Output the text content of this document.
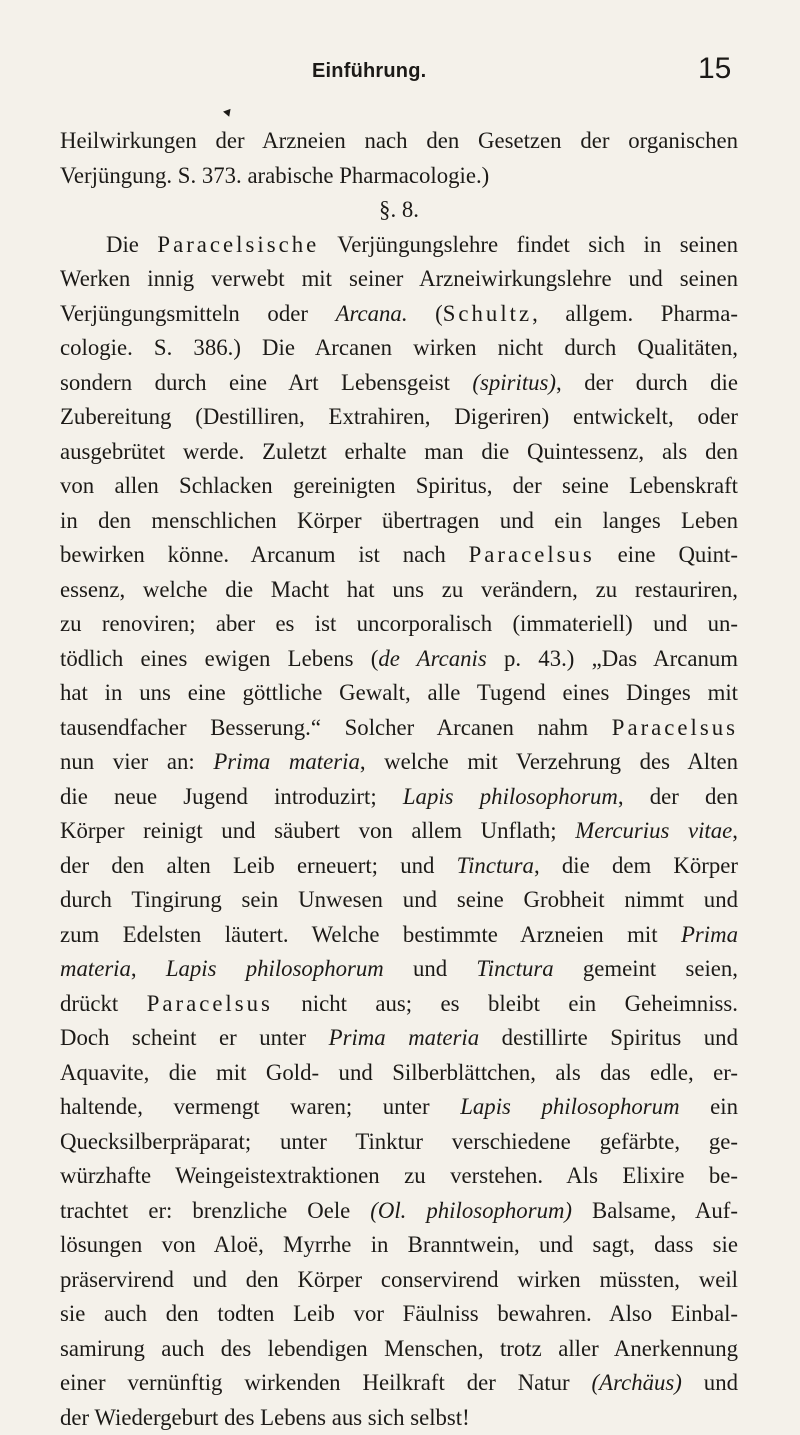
Einführung.	15
Heilwirkungen der Arzneien nach den Gesetzen der organischen
Verjüngung. S. 373. arabische Pharmacologie.)
§. 8.
Die Paracelsische Verjüngungslehre findet sich in seinen
Werken innig verwebt mit seiner Arzneiwirkungslehre und seinen
Verjüngungsmitteln oder Arcana. (Schultz, allgem. Pharma-
cologie. S. 386.) Die Arcanen wirken nicht durch Qualitäten,
sondern durch eine Art Lebensgeist (spiritus), der durch die
Zubereitung (Destilliren, Extrahiren, Digeriren) entwickelt, oder
ausgebrütet werde. Zuletzt erhalte man die Quintessenz, als den
von allen Schlacken gereinigten Spiritus, der seine Lebenskraft
in den menschlichen Körper übertragen und ein langes Leben
bewirken könne. Arcanum ist nach Paracelsus eine Quint-
essenz, welche die Macht hat uns zu verändern, zu restauriren,
zu renoviren; aber es ist uncorporalisch (immateriell) und un-
tödlich eines ewigen Lebens (de Arcanis p. 43.) „Das Arcanum
hat in uns eine göttliche Gewalt, alle Tugend eines Dinges mit
tausendfacher Besserung.“ Solcher Arcanen nahm Paracelsus
nun vier an: Prima materia, welche mit Verzehrung des Alten
die neue Jugend introduzirt; Lapis philosophorum, der den
Körper reinigt und säubert von allem Unflath; Mercurius vitae,
der den alten Leib erneuert; und Tinctura, die dem Körper
durch Tingirung sein Unwesen und seine Grobheit nimmt und
zum Edelsten läutert. Welche bestimmte Arzneien mit Prima
materia, Lapis philosophorum und Tinctura gemeint seien,
drückt Paracelsus nicht aus; es bleibt ein Geheimniss.
Doch scheint er unter Prima materia destillirte Spiritus und
Aquavite, die mit Gold- und Silberblättchen, als das edle, er-
haltende, vermengt waren; unter Lapis philosophorum ein
Quecksilberpräparat; unter Tinktur verschiedene gefärbte, ge-
würzhafte Weingeistextraktionen zu verstehen. Als Elixire be-
trachtet er: brenzliche Oele (Ol. philosophorum) Balsame, Auf-
lösungen von Aloë, Myrrhe in Branntwein, und sagt, dass sie
präservirend und den Körper conservirend wirken müssten, weil
sie auch den todten Leib vor Fäulniss bewahren. Also Einbal-
samirung auch des lebendigen Menschen, trotz aller Anerkennung
einer vernünftig wirkenden Heilkraft der Natur (Archäus) und
der Wiedergeburt des Lebens aus sich selbst!
